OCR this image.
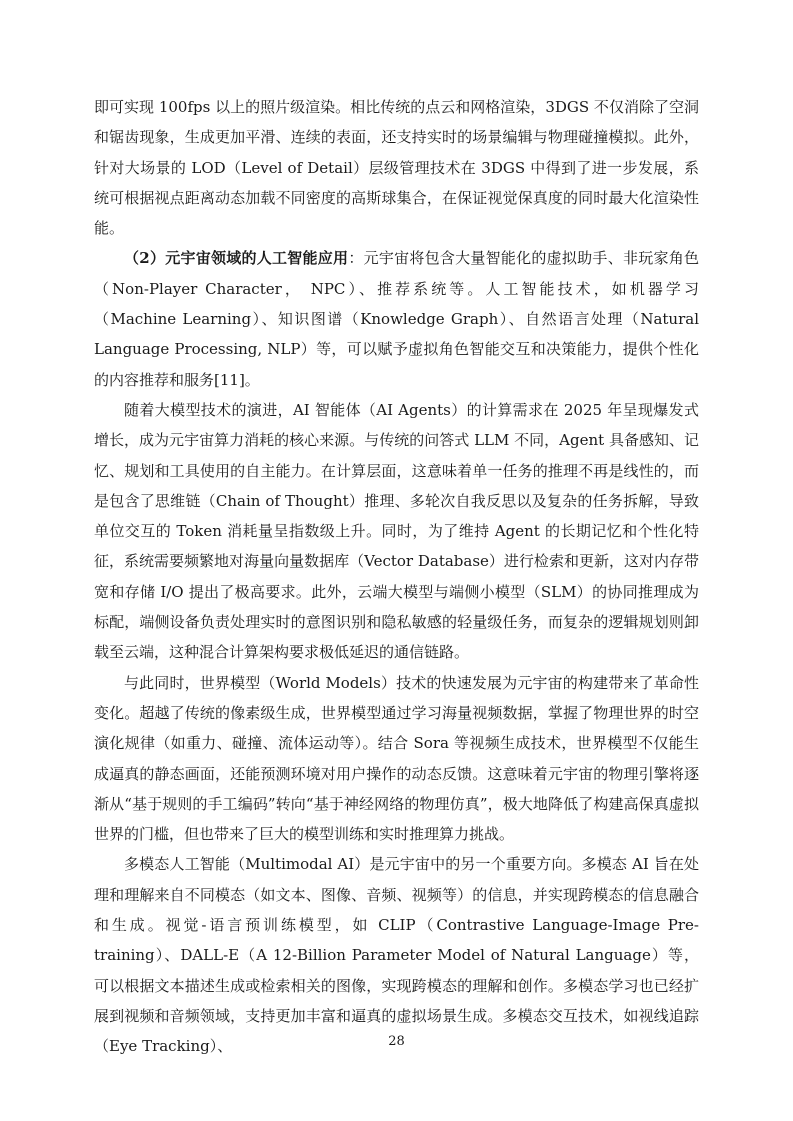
即可实现 100fps 以上的照片级渲染。相比传统的点云和网格渲染，3DGS 不仅消除了空洞和锯齿现象，生成更加平滑、连续的表面，还支持实时的场景编辑与物理碰撞模拟。此外，针对大场景的 LOD（Level of Detail）层级管理技术在 3DGS 中得到了进一步发展，系统可根据视点距离动态加载不同密度的高斯球集合，在保证视觉保真度的同时最大化渲染性能。

（2）元宇宙领域的人工智能应用：元宇宙将包含大量智能化的虚拟助手、非玩家角色（Non-Player Character， NPC）、推荐系统等。人工智能技术，如机器学习（Machine Learning）、知识图谱（Knowledge Graph）、自然语言处理（Natural Language Processing, NLP）等，可以赋予虚拟角色智能交互和决策能力，提供个性化的内容推荐和服务[11]。

随着大模型技术的演进，AI 智能体（AI Agents）的计算需求在 2025 年呈现爆发式增长，成为元宇宙算力消耗的核心来源。与传统的问答式 LLM 不同，Agent 具备感知、记忆、规划和工具使用的自主能力。在计算层面，这意味着单一任务的推理不再是线性的，而是包含了思维链（Chain of Thought）推理、多轮次自我反思以及复杂的任务拆解，导致单位交互的 Token 消耗量呈指数级上升。同时，为了维持 Agent 的长期记忆和个性化特征，系统需要频繁地对海量向量数据库（Vector Database）进行检索和更新，这对内存带宽和存储 I/O 提出了极高要求。此外，云端大模型与端侧小模型（SLM）的协同推理成为标配，端侧设备负责处理实时的意图识别和隐私敏感的轻量级任务，而复杂的逻辑规划则卸载至云端，这种混合计算架构要求极低延迟的通信链路。

与此同时，世界模型（World Models）技术的快速发展为元宇宙的构建带来了革命性变化。超越了传统的像素级生成，世界模型通过学习海量视频数据，掌握了物理世界的时空演化规律（如重力、碰撞、流体运动等）。结合 Sora 等视频生成技术，世界模型不仅能生成逼真的静态画面，还能预测环境对用户操作的动态反馈。这意味着元宇宙的物理引擎将逐渐从“基于规则的手工编码”转向“基于神经网络的物理仿真”，极大地降低了构建高保真虚拟世界的门槛，但也带来了巨大的模型训练和实时推理算力挑战。

多模态人工智能（Multimodal AI）是元宇宙中的另一个重要方向。多模态 AI 旨在处理和理解来自不同模态（如文本、图像、音频、视频等）的信息，并实现跨模态的信息融合和生成。视觉-语言预训练模型，如 CLIP（Contrastive Language-Image Pre-training）、DALL-E（A 12-Billion Parameter Model of Natural Language）等，可以根据文本描述生成或检索相关的图像，实现跨模态的理解和创作。多模态学习也已经扩展到视频和音频领域，支持更加丰富和逼真的虚拟场景生成。多模态交互技术，如视线追踪（Eye Tracking）、	28
